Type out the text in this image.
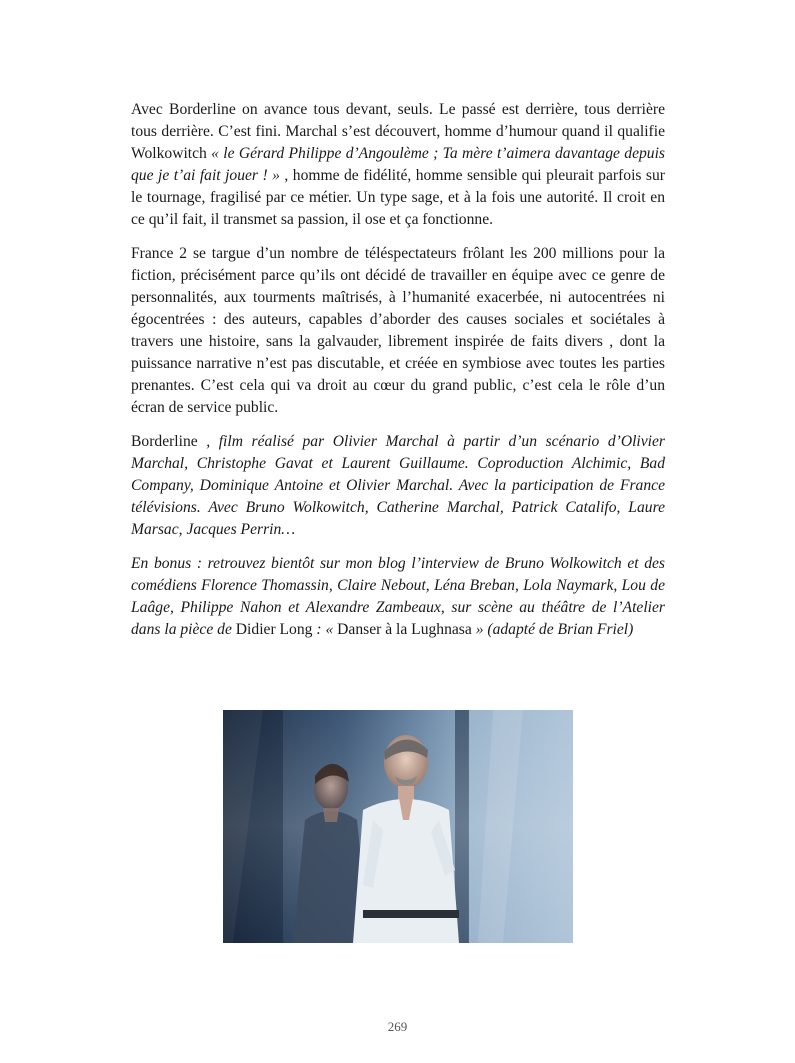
Avec Borderline on avance tous devant, seuls. Le passé est derrière, tous derrière tous derrière. C’est fini. Marchal s’est découvert, homme d’humour quand il qualifie Wolkowitch « le Gérard Philippe d’Angoulème ; Ta mère t’aimera davantage depuis que je t’ai fait jouer ! » , homme de fidélité, homme sensible qui pleurait parfois sur le tournage, fragilisé par ce métier. Un type sage, et à la fois une autorité. Il croit en ce qu’il fait, il transmet sa passion, il ose et ça fonctionne.

France 2 se targue d’un nombre de téléspectateurs frôlant les 200 millions pour la fiction, précisément parce qu’ils ont décidé de travailler en équipe avec ce genre de personnalités, aux tourments maîtrisés, à l’humanité exacerbée, ni autocentrées ni égocentrées : des auteurs, capables d’aborder des causes sociales et sociétales à travers une histoire, sans la galvauder, librement inspirée de faits divers , dont la puissance narrative n’est pas discutable, et créée en symbiose avec toutes les parties prenantes. C’est cela qui va droit au cœur du grand public, c’est cela le rôle d’un écran de service public.

Borderline , film réalisé par Olivier Marchal à partir d’un scénario d’Olivier Marchal, Christophe Gavat et Laurent Guillaume. Coproduction Alchimic, Bad Company, Dominique Antoine et Olivier Marchal. Avec la participation de France télévisions. Avec Bruno Wolkowitch, Catherine Marchal, Patrick Catalifo, Laure Marsac, Jacques Perrin…

En bonus : retrouvez bientôt sur mon blog l’interview de Bruno Wolkowitch et des comédiens Florence Thomassin, Claire Nebout, Léna Breban, Lola Naymark, Lou de Laâge, Philippe Nahon et Alexandre Zambeaux, sur scène au théâtre de l’Atelier dans la pièce de Didier Long : « Danser à la Lughnasa » (adapté de Brian Friel)

269
